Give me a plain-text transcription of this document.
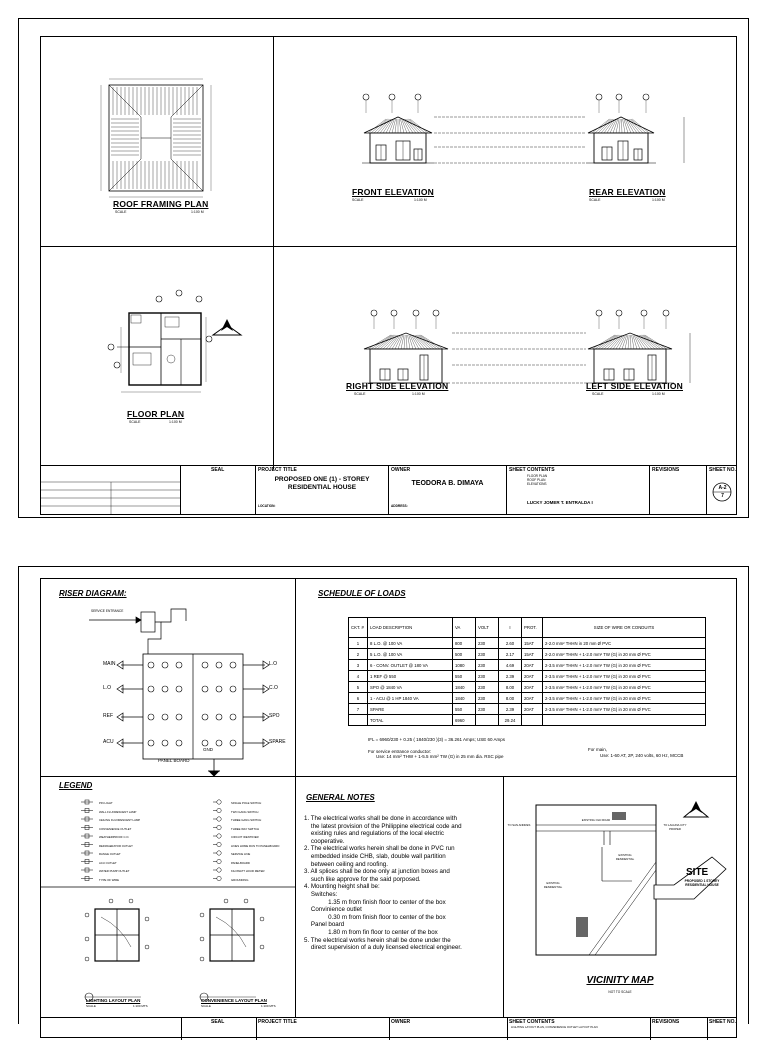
ROOF FRAMING PLAN
SCALE	1:100 M
FRONT ELEVATION
SCALE	1:100 M
REAR ELEVATION
SCALE	1:100 M
N
FLOOR PLAN
SCALE	1:100 M
RIGHT SIDE ELEVATION
SCALE	1:100 M
LEFT SIDE ELEVATION
SCALE	1:100 M
SEAL	PROJECT TITLE
PROPOSED ONE (1) - STOREY RESIDENTIAL HOUSE
LOCATION:
OWNER
TEODORA B. DIMAYA
ADDRESS:
SHEET CONTENTS
FLOOR PLAN
ROOF PLAN
ELEVATIONS
LUCKY JOMER T. ENTRALDA I
REVISIONS	SHEET NO.
A-2
7
RISER DIAGRAM:
SERVICE ENTRANCE
PANEL BOARD
GND
MAIN
L.O
REF
ACU
L.O
C.O
SPO
SPARE
SCHEDULE OF LOADS
CKT. #	LOAD DESCRIPTION	VA	VOLT	I	PROT.	SIZE OF WIRE OR CONDUITS
1	8 L.O. @ 100 VA	800	230	2.60	15AT	2-2.0 mm² THHN in 20 mm Ø PVC
2	5 L.O. @ 100 VA	500	230	2.17	15AT	2-2.0 mm² THHN + 1-2.0 mm² TW (G) in 20 mm Ø PVC
3	6 - CONV. OUTLET @ 180 VA	1080	230	4.69	20AT	2-3.5 mm² THHN + 1-2.0 mm² TW (G) in 20 mm Ø PVC
4	1 REF @ 550	550	230	2.39	20AT	2-3.5 mm² THHN + 1-2.0 mm² TW (G) in 20 mm Ø PVC
5	SPO @ 1840 VA	1840	230	8.00	20AT	2-3.5 mm² THHN + 1-2.0 mm² TW (G) in 20 mm Ø PVC
6	1 - ACU @ 1 HP 1840 VA	1840	230	8.00	20AT	2-3.5 mm² THHN + 1-2.0 mm² TW (G) in 20 mm Ø PVC
7	SPARE	550	230	2.39	20AT	2-3.5 mm² THHN + 1-2.0 mm² TW (G) in 20 mm Ø PVC
	TOTAL	6960		29.24		
IFL = 6960/230 + 0.25 ( 1840/230 )(3) = 36.261 Amps; USE 60 Amps
For service entrance conductor:
Use: 14 mm² THW + 1-5.5 mm² TW (G) in 25 mm dia. RSC pipe
For main,
Use: 1-60 AT, 2P, 240 volts, 60 Hz, MCCB
LEGEND
PIN LIGHT
WALL FLUORESCENT LAMP
CEILING FLUORESCENT LAMP
CONVENIENCE OUTLET
WEATHERPROOF C.O.
REFRIGERATOR OUTLET
RANGE OUTLET
ACU OUTLET
WATER PUMP OUTLET
TYPE OF WIRE
SINGLE POLE SWITCH
TWO GANG SWITCH
THREE GANG SWITCH
THREE WAY SWITCH
CIRCUIT IDENTIFIER
LINES HOME RUN TO PANELBOARD
SERVICE LINE
PANELBOARD
KILOWATT HOUR METER
GROUNDING
LIGHTING LAYOUT PLAN
SCALE	1:100 MTS
CONVENIENCE LAYOUT PLAN
SCALE	1:100 MTS
GENERAL NOTES
1. The electrical works shall be done in accordance with
the latest provision of the Philippine electrical code and
existing rules and regulations of the local electric
cooperative.
2. The electrical works herein shall be done in PVC run
embedded inside CHB, slab, double wall partition
between ceiling and roofing.
3. All splices shall be done only at junction boxes and
such like approve for the said porposed.
4. Mounting height shall be:
Switches:
1.35 m from finish floor to center of the box
Convinience outlet
0.30 m from finish floor to center of the box
Panel board
1.80 m from fin floor to center of the box
5. The electrical works herein shall be done under the
direct supervision of a duly licensed electrical engineer.
SITE
PROPOSED 1 STOREY RESIDENTIAL HOUSE
EXISTING OLD ROAD
EXISTING RESIDENTIAL
EXISTING RESIDENTIAL
TO SAN ANDRES	TO LAGUNA CITY PROPER
VICINITY MAP
NOT TO SCALE
SEAL	PROJECT TITLE	OWNER	SHEET CONTENTS
LIGHTING LAYOUT PLAN, CONVENIENCE OUTLET LAYOUT PLAN
REVISIONS	SHEET NO.
